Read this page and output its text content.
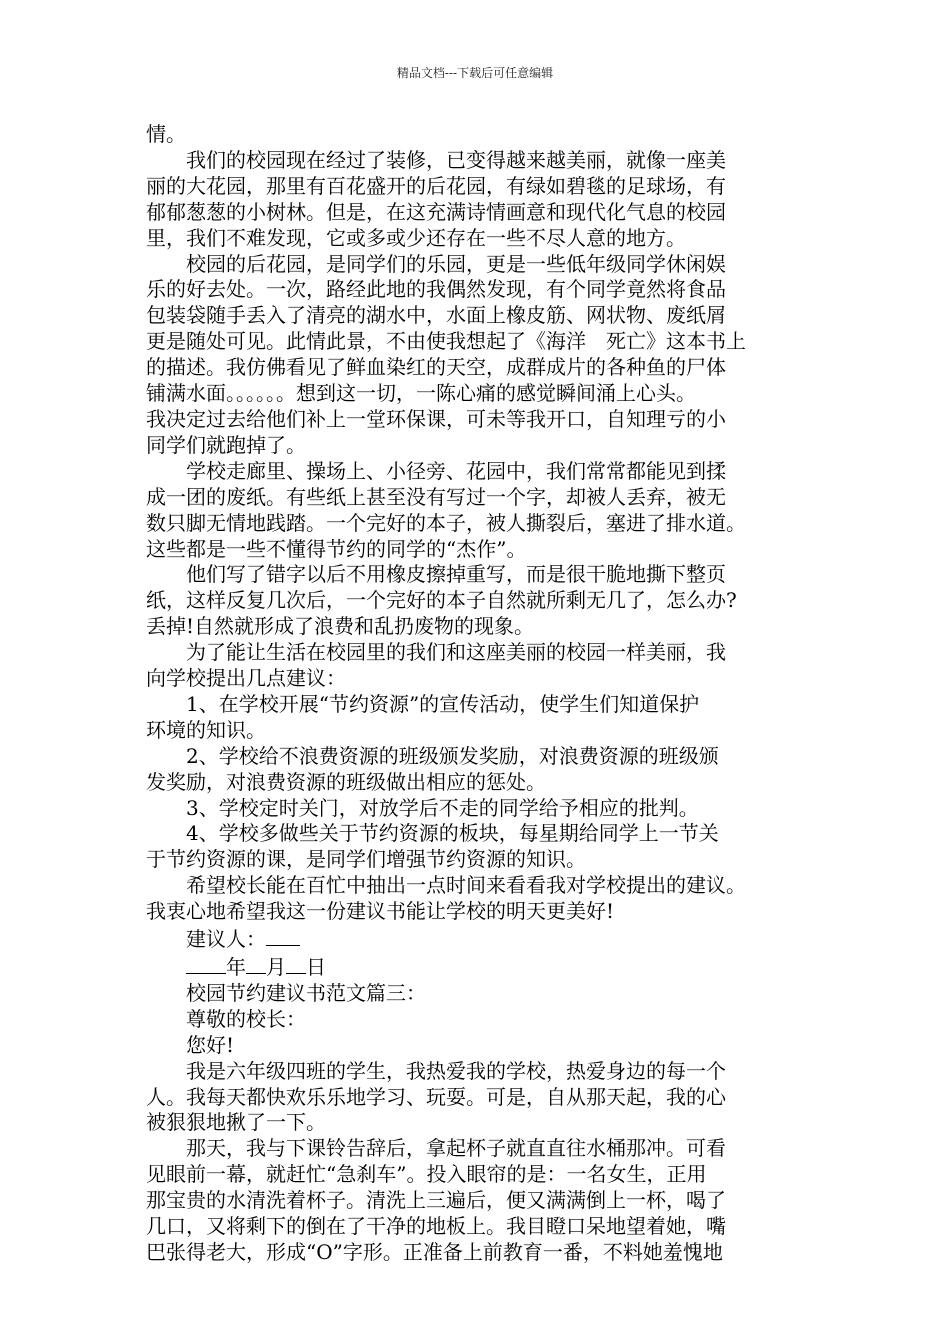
精品文档---下载后可任意编辑

情。

　　我们的校园现在经过了装修，已变得越来越美丽，就像一座美

丽的大花园，那里有百花盛开的后花园，有绿如碧毯的足球场，有

郁郁葱葱的小树林。但是，在这充满诗情画意和现代化气息的校园

里，我们不难发现，它或多或少还存在一些不尽人意的地方。

　　校园的后花园，是同学们的乐园，更是一些低年级同学休闲娱

乐的好去处。一次，路经此地的我偶然发现，有个同学竟然将食品

包装袋随手丢入了清亮的湖水中，水面上橡皮筋、网状物、废纸屑

更是随处可见。此情此景，不由使我想起了《海洋　死亡》这本书上

的描述。我仿佛看见了鲜血染红的天空，成群成片的各种鱼的尸体

铺满水面。。。。。。想到这一切，一陈心痛的感觉瞬间涌上心头。

我决定过去给他们补上一堂环保课，可未等我开口，自知理亏的小

同学们就跑掉了。

　　学校走廊里、操场上、小径旁、花园中，我们常常都能见到揉

成一团的废纸。有些纸上甚至没有写过一个字，却被人丢弃，被无

数只脚无情地践踏。一个完好的本子，被人撕裂后，塞进了排水道。

这些都是一些不懂得节约的同学的“杰作”。

　　他们写了错字以后不用橡皮擦掉重写，而是很干脆地撕下整页

纸，这样反复几次后，一个完好的本子自然就所剩无几了，怎么办?

丢掉!自然就形成了浪费和乱扔废物的现象。

　　为了能让生活在校园里的我们和这座美丽的校园一样美丽，我

向学校提出几点建议：

　　1、在学校开展“节约资源”的宣传活动，使学生们知道保护

环境的知识。

　　2、学校给不浪费资源的班级颁发奖励，对浪费资源的班级颁

发奖励，对浪费资源的班级做出相应的惩处。

　　3、学校定时关门，对放学后不走的同学给予相应的批判。

　　4、学校多做些关于节约资源的板块，每星期给同学上一节关

于节约资源的课，是同学们增强节约资源的知识。

　　希望校长能在百忙中抽出一点时间来看看我对学校提出的建议。

我衷心地希望我这一份建议书能让学校的明天更美好!

　　建议人：

　　年 月 日

　　校园节约建议书范文篇三：

　　尊敬的校长：

　　您好!

　　我是六年级四班的学生，我热爱我的学校，热爱身边的每一个

人。我每天都快欢乐乐地学习、玩耍。可是，自从那天起，我的心

被狠狠地揪了一下。

　　那天，我与下课铃告辞后，拿起杯子就直直往水桶那冲。可看

见眼前一幕，就赶忙“急刹车”。投入眼帘的是：一名女生，正用

那宝贵的水清洗着杯子。清洗上三遍后，便又满满倒上一杯，喝了

几口，又将剩下的倒在了干净的地板上。我目瞪口呆地望着她，嘴

巴张得老大，形成“O”字形。正准备上前教育一番，不料她羞愧地
